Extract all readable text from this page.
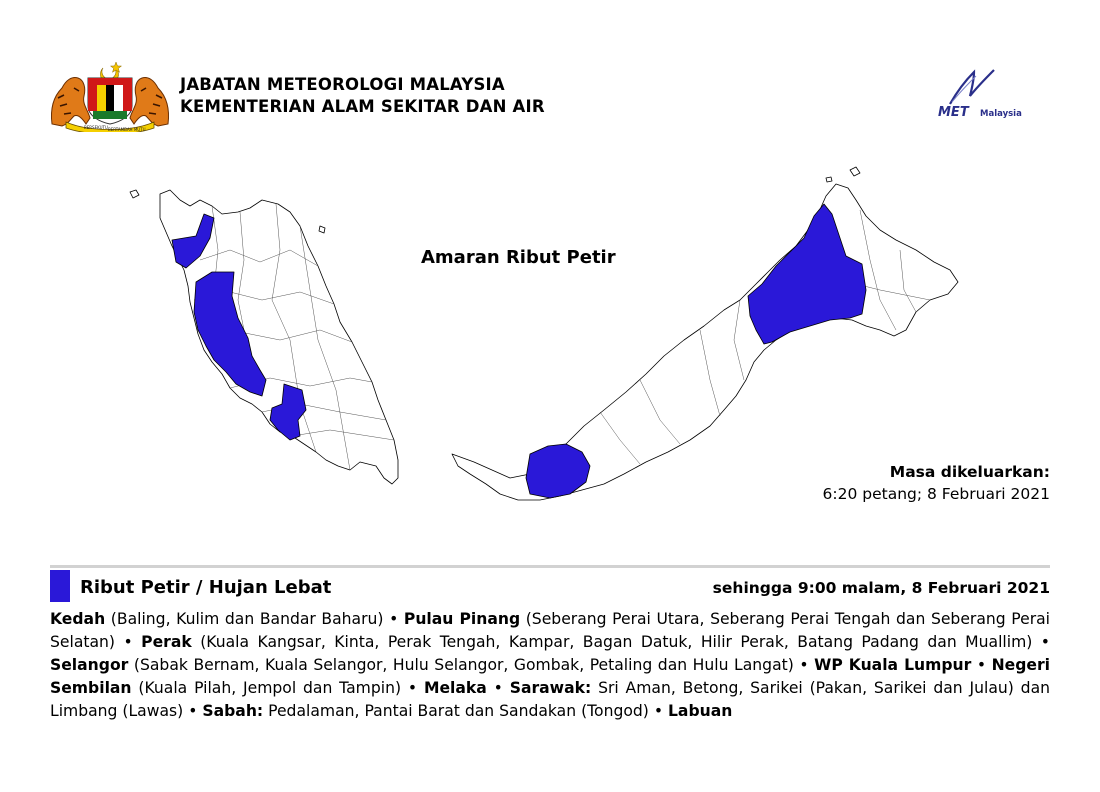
BERSEKUTU BERTAMBAH MUTU
JABATAN METEOROLOGI MALAYSIA
KEMENTERIAN ALAM SEKITAR DAN AIR	MET Malaysia
Amaran Ribut Petir
Masa dikeluarkan:
6:20 petang; 8 Februari 2021
Ribut Petir / Hujan Lebat	sehingga 9:00 malam, 8 Februari 2021
Kedah (Baling, Kulim dan Bandar Baharu) • Pulau Pinang (Seberang Perai Utara, Seberang Perai Tengah dan Seberang Perai Selatan) • Perak (Kuala Kangsar, Kinta, Perak Tengah, Kampar, Bagan Datuk, Hilir Perak, Batang Padang dan Muallim) • Selangor (Sabak Bernam, Kuala Selangor, Hulu Selangor, Gombak, Petaling dan Hulu Langat) • WP Kuala Lumpur • Negeri Sembilan (Kuala Pilah, Jempol dan Tampin) • Melaka • Sarawak: Sri Aman, Betong, Sarikei (Pakan, Sarikei dan Julau) dan Limbang (Lawas) • Sabah: Pedalaman, Pantai Barat dan Sandakan (Tongod) • Labuan
